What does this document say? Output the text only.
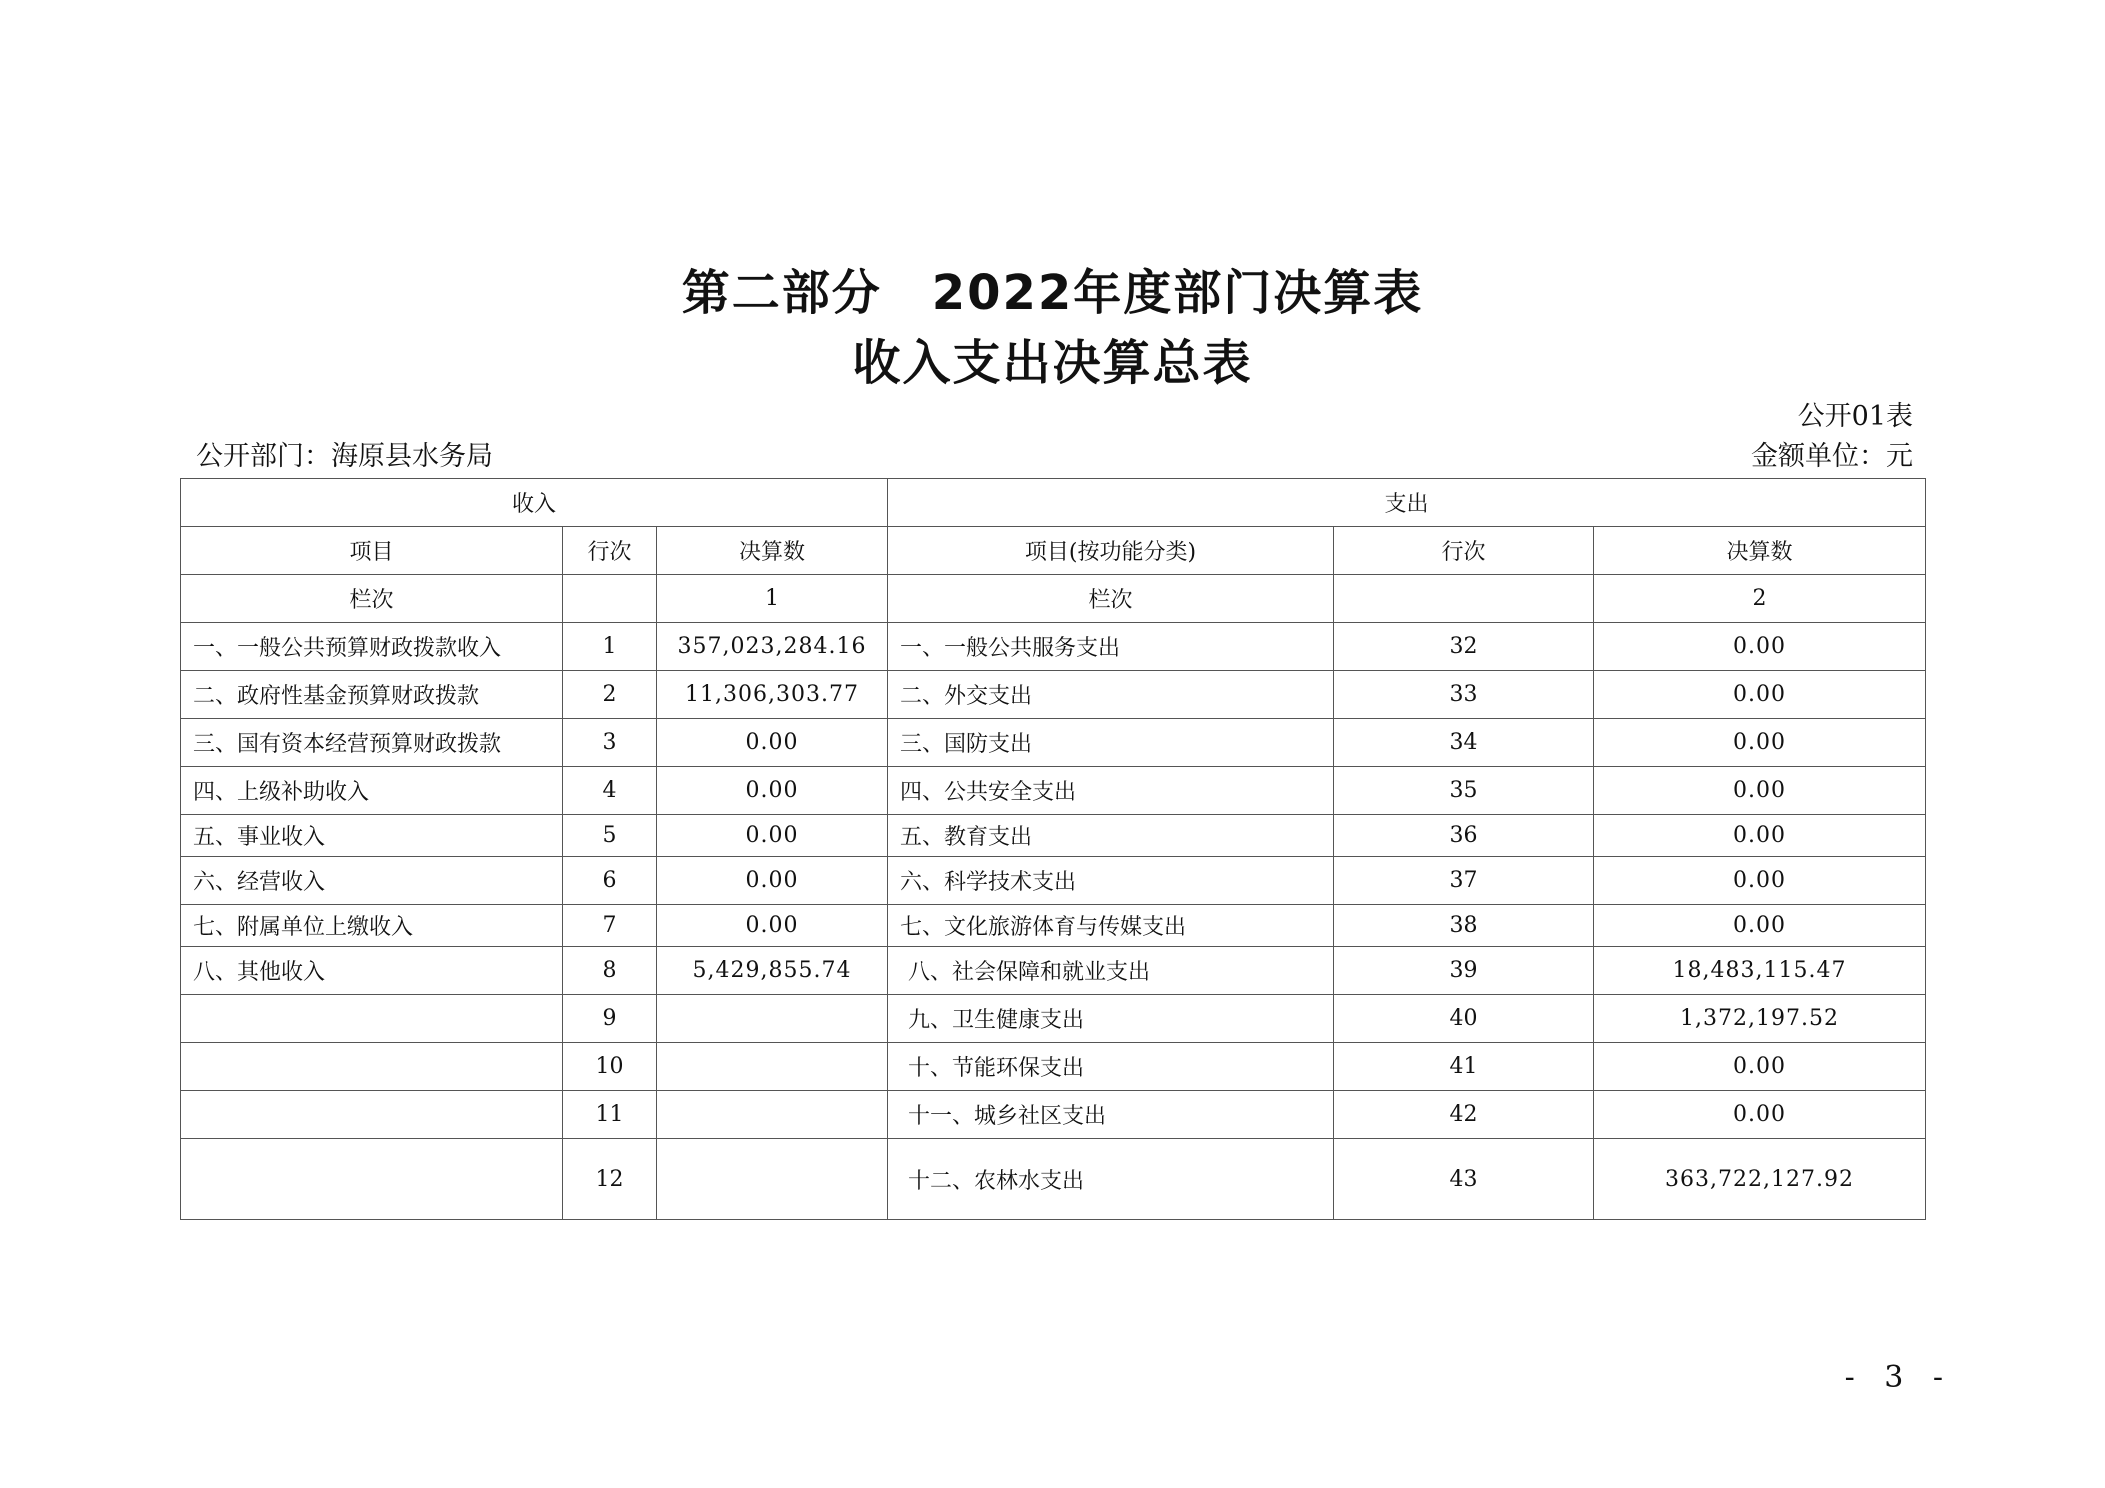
第二部分　2022年度部门决算表
收入支出决算总表
公开01表
公开部门：海原县水务局	金额单位：元
收入			支出		
项目	行次	决算数	项目(按功能分类)	行次	决算数
栏次		1	栏次		2
一、一般公共预算财政拨款收入	1	357,023,284.16	一、一般公共服务支出	32	0.00
二、政府性基金预算财政拨款	2	11,306,303.77	二、外交支出	33	0.00
三、国有资本经营预算财政拨款	3	0.00	三、国防支出	34	0.00
四、上级补助收入	4	0.00	四、公共安全支出	35	0.00
五、事业收入	5	0.00	五、教育支出	36	0.00
六、经营收入	6	0.00	六、科学技术支出	37	0.00
七、附属单位上缴收入	7	0.00	七、文化旅游体育与传媒支出	38	0.00
八、其他收入	8	5,429,855.74	八、社会保障和就业支出	39	18,483,115.47
	9		九、卫生健康支出	40	1,372,197.52
	10		十、节能环保支出	41	0.00
	11		十一、城乡社区支出	42	0.00
	12		十二、农林水支出	43	363,722,127.92
- 3 -
